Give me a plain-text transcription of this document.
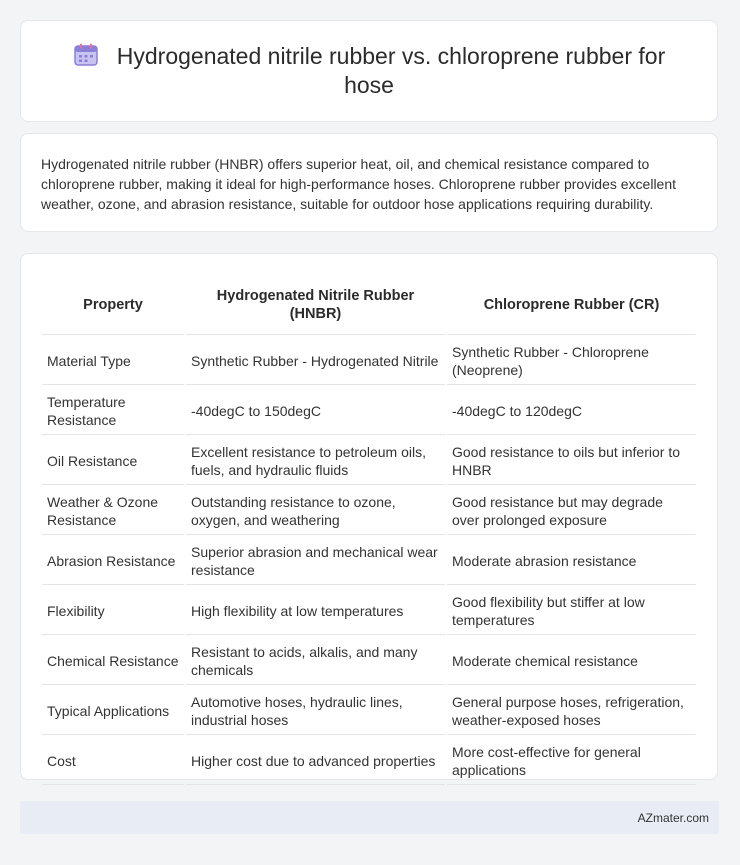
Hydrogenated nitrile rubber vs. chloroprene rubber for hose

Hydrogenated nitrile rubber (HNBR) offers superior heat, oil, and chemical resistance compared to chloroprene rubber, making it ideal for high-performance hoses. Chloroprene rubber provides excellent weather, ozone, and abrasion resistance, suitable for outdoor hose applications requiring durability.

Property	Hydrogenated Nitrile Rubber (HNBR)	Chloroprene Rubber (CR)
Material Type	Synthetic Rubber - Hydrogenated Nitrile	Synthetic Rubber - Chloroprene (Neoprene)
Temperature Resistance	-40degC to 150degC	-40degC to 120degC
Oil Resistance	Excellent resistance to petroleum oils, fuels, and hydraulic fluids	Good resistance to oils but inferior to HNBR
Weather & Ozone Resistance	Outstanding resistance to ozone, oxygen, and weathering	Good resistance but may degrade over prolonged exposure
Abrasion Resistance	Superior abrasion and mechanical wear resistance	Moderate abrasion resistance
Flexibility	High flexibility at low temperatures	Good flexibility but stiffer at low temperatures
Chemical Resistance	Resistant to acids, alkalis, and many chemicals	Moderate chemical resistance
Typical Applications	Automotive hoses, hydraulic lines, industrial hoses	General purpose hoses, refrigeration, weather-exposed hoses
Cost	Higher cost due to advanced properties	More cost-effective for general applications
AZmater.com
